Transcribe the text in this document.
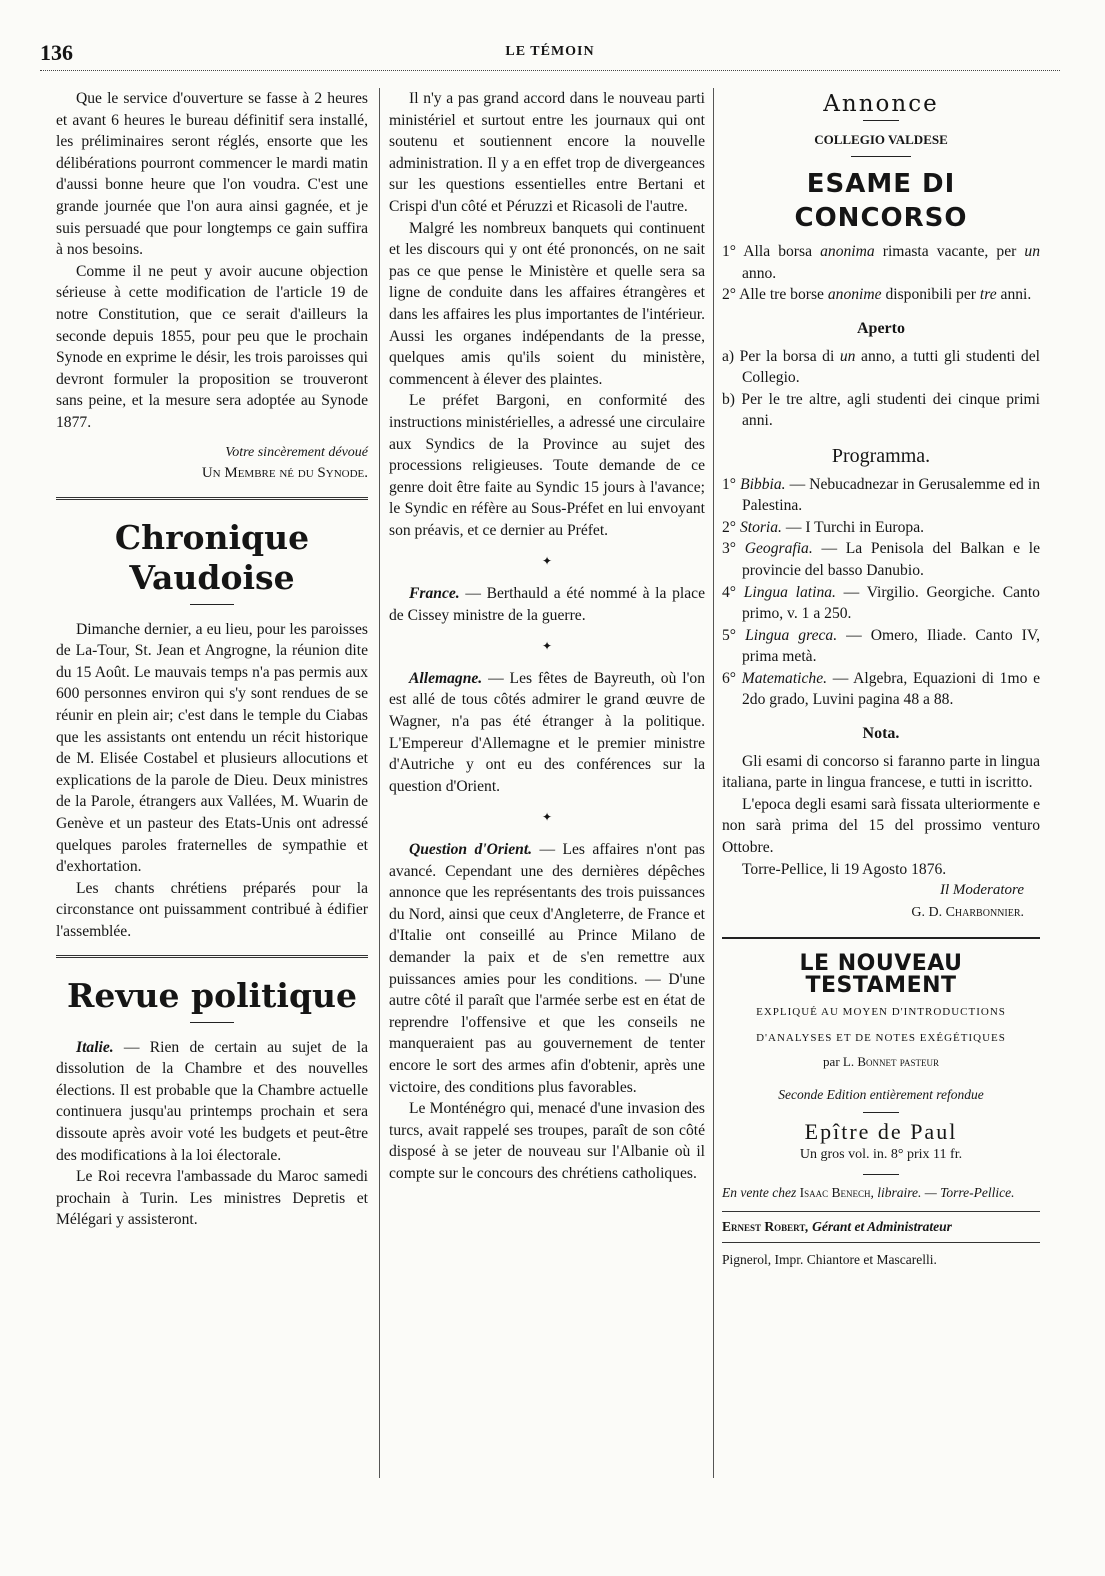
136	LE TÉMOIN

Que le service d'ouverture se fasse à 2 heures et avant 6 heures le bureau définitif sera installé, les préliminaires seront réglés, ensorte que les délibérations pourront commencer le mardi matin d'aussi bonne heure que l'on voudra. C'est une grande journée que l'on aura ainsi gagnée, et je suis persuadé que pour longtemps ce gain suffira à nos besoins.

Comme il ne peut y avoir aucune objection sérieuse à cette modification de l'article 19 de notre Constitution, que ce serait d'ailleurs la seconde depuis 1855, pour peu que le prochain Synode en exprime le désir, les trois paroisses qui devront formuler la proposition se trouveront sans peine, et la mesure sera adoptée au Synode 1877.

Votre sincèrement dévoué
Un Membre né du Synode.
Chronique Vaudoise

Dimanche dernier, a eu lieu, pour les paroisses de La-Tour, St. Jean et Angrogne, la réunion dite du 15 Août. Le mauvais temps n'a pas permis aux 600 personnes environ qui s'y sont rendues de se réunir en plein air; c'est dans le temple du Ciabas que les assistants ont entendu un récit historique de M. Elisée Costabel et plusieurs allocutions et explications de la parole de Dieu. Deux ministres de la Parole, étrangers aux Vallées, M. Wuarin de Genève et un pasteur des Etats-Unis ont adressé quelques paroles fraternelles de sympathie et d'exhortation.

Les chants chrétiens préparés pour la circonstance ont puissamment contribué à édifier l'assemblée.

Revue politique

Italie. — Rien de certain au sujet de la dissolution de la Chambre et des nouvelles élections. Il est probable que la Chambre actuelle continuera jusqu'au printemps prochain et sera dissoute après avoir voté les budgets et peut-être des modifications à la loi électorale.

Le Roi recevra l'ambassade du Maroc samedi prochain à Turin. Les ministres Depretis et Mélégari y assisteront.

Il n'y a pas grand accord dans le nouveau parti ministériel et surtout entre les journaux qui ont soutenu et soutiennent encore la nouvelle administration. Il y a en effet trop de divergeances sur les questions essentielles entre Bertani et Crispi d'un côté et Péruzzi et Ricasoli de l'autre.

Malgré les nombreux banquets qui continuent et les discours qui y ont été prononcés, on ne sait pas ce que pense le Ministère et quelle sera sa ligne de conduite dans les affaires étrangères et dans les affaires les plus importantes de l'intérieur. Aussi les organes indépendants de la presse, quelques amis qu'ils soient du ministère, commencent à élever des plaintes.

Le préfet Bargoni, en conformité des instructions ministérielles, a adressé une circulaire aux Syndics de la Province au sujet des processions religieuses. Toute demande de ce genre doit être faite au Syndic 15 jours à l'avance; le Syndic en réfère au Sous-Préfet en lui envoyant son préavis, et ce dernier au Préfet.

✦

France. — Berthauld a été nommé à la place de Cissey ministre de la guerre.

✦

Allemagne. — Les fêtes de Bayreuth, où l'on est allé de tous côtés admirer le grand œuvre de Wagner, n'a pas été étranger à la politique. L'Empereur d'Allemagne et le premier ministre d'Autriche y ont eu des conférences sur la question d'Orient.

✦

Question d'Orient. — Les affaires n'ont pas avancé. Cependant une des dernières dépêches annonce que les représentants des trois puissances du Nord, ainsi que ceux d'Angleterre, de France et d'Italie ont conseillé au Prince Milano de demander la paix et de s'en remettre aux puissances amies pour les conditions. — D'une autre côté il paraît que l'armée serbe est en état de reprendre l'offensive et que les conseils ne manqueraient pas au gouvernement de tenter encore le sort des armes afin d'obtenir, après une victoire, des conditions plus favorables.

Le Monténégro qui, menacé d'une invasion des turcs, avait rappelé ses troupes, paraît de son côté disposé à se jeter de nouveau sur l'Albanie où il compte sur le concours des chrétiens catholiques.

Annonce
COLLEGIO VALDESE
ESAME DI CONCORSO
1° Alla borsa anonima rimasta vacante, per un anno.
2° Alle tre borse anonime disponibili per tre anni.
Aperto
a) Per la borsa di un anno, a tutti gli studenti del Collegio.
b) Per le tre altre, agli studenti dei cinque primi anni.
Programma.
1° Bibbia. — Nebucadnezar in Gerusalemme ed in Palestina.
2° Storia. — I Turchi in Europa.
3° Geografia. — La Penisola del Balkan e le provincie del basso Danubio.
4° Lingua latina. — Virgilio. Georgiche. Canto primo, v. 1 a 250.
5° Lingua greca. — Omero, Iliade. Canto IV, prima metà.
6° Matematiche. — Algebra, Equazioni di 1mo e 2do grado, Luvini pagina 48 a 88.
Nota.

Gli esami di concorso si faranno parte in lingua italiana, parte in lingua francese, e tutti in iscritto.

L'epoca degli esami sarà fissata ulteriormente e non sarà prima del 15 del prossimo venturo Ottobre.

Torre-Pellice, li 19 Agosto 1876.

Il Moderatore
G. D. Charbonnier.
LE NOUVEAU TESTAMENT
EXPLIQUÉ AU MOYEN D'INTRODUCTIONS
D'ANALYSES ET DE NOTES EXÉGÉTIQUES
par L. Bonnet pasteur
Seconde Edition entièrement refondue
Epître de Paul
Un gros vol. in. 8° prix 11 fr.
En vente chez Isaac Benech, libraire. — Torre-Pellice.
Ernest Robert, Gérant et Administrateur
Pignerol, Impr. Chiantore et Mascarelli.
